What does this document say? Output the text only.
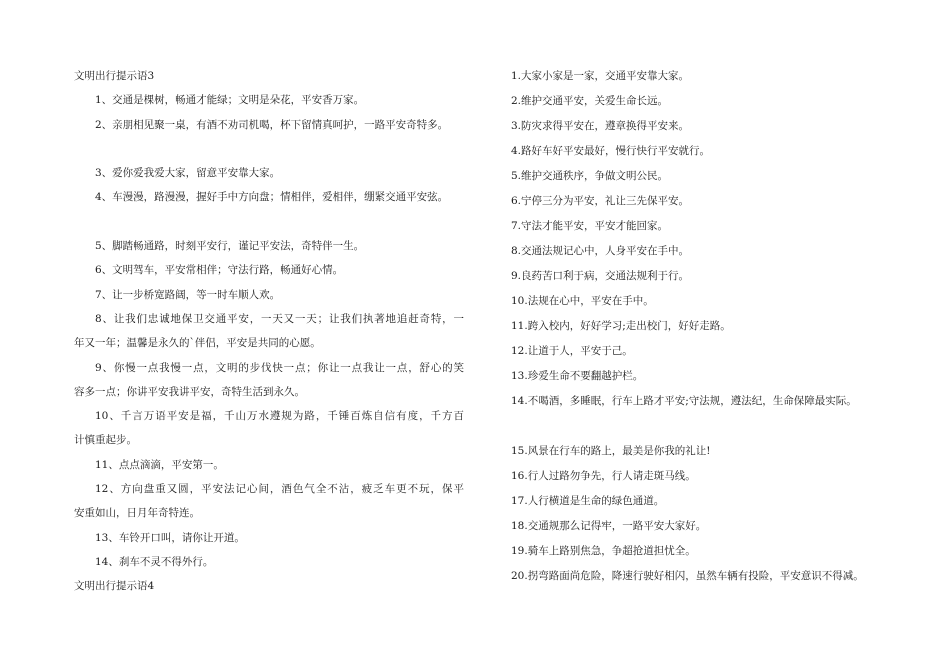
文明出行提示语3
1、交通是棵树，畅通才能绿；文明是朵花，平安香万家。
2、亲朋相见聚一桌，有酒不劝司机喝，杯下留情真呵护，一路平安奇特多。
3、爱你爱我爱大家，留意平安靠大家。
4、车漫漫，路漫漫，握好手中方向盘；情相伴，爱相伴，绷紧交通平安弦。
5、脚踏畅通路，时刻平安行，谨记平安法，奇特伴一生。
6、文明驾车，平安常相伴；守法行路，畅通好心情。
7、让一步桥宽路阔，等一时车顺人欢。
8、让我们忠诚地保卫交通平安，一天又一天；让我们执著地追赶奇特，一
年又一年；温馨是永久的`伴侣，平安是共同的心愿。
9、你慢一点我慢一点，文明的步伐快一点；你让一点我让一点，舒心的笑
容多一点；你讲平安我讲平安，奇特生活到永久。
10、千言万语平安是福，千山万水遵规为路，千锤百炼自信有度，千方百
计慎重起步。
11、点点滴滴，平安第一。
12、方向盘重又圆，平安法记心间，酒色气全不沾，疲乏车更不玩，保平
安重如山，日月年奇特连。
13、车铃开口叫，请你让开道。
14、刹车不灵不得外行。
文明出行提示语4
1.大家小家是一家，交通平安靠大家。
2.维护交通平安，关爱生命长远。
3.防灾求得平安在，遵章换得平安来。
4.路好车好平安最好，慢行快行平安就行。
5.维护交通秩序，争做文明公民。
6.宁停三分为平安，礼让三先保平安。
7.守法才能平安，平安才能回家。
8.交通法规记心中，人身平安在手中。
9.良药苦口利于病，交通法规利于行。
10.法规在心中，平安在手中。
11.跨入校内，好好学习;走出校门，好好走路。
12.让道于人，平安于己。
13.珍爱生命不要翻越护栏。
14.不喝酒，多睡眠，行车上路才平安;守法规，遵法纪，生命保障最实际。
15.风景在行车的路上，最美是你我的礼让!
16.行人过路勿争先，行人请走斑马线。
17.人行横道是生命的绿色通道。
18.交通规那么记得牢，一路平安大家好。
19.骑车上路别焦急，争超抢道担忧全。
20.拐弯路面尚危险，降速行驶好相闪，虽然车辆有投险，平安意识不得减。
